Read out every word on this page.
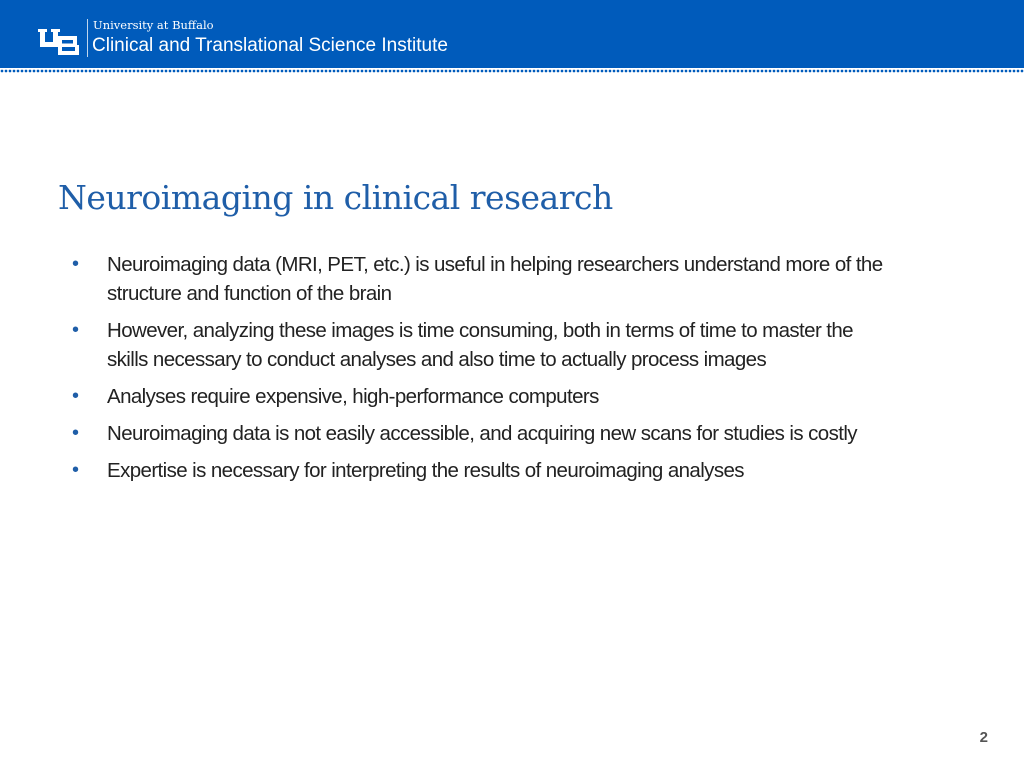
University at Buffalo
Clinical and Translational Science Institute
Neuroimaging in clinical research
•	Neuroimaging data (MRI, PET, etc.) is useful in helping researchers understand more of the structure and function of the brain
•	However, analyzing these images is time consuming, both in terms of time to master the skills necessary to conduct analyses and also time to actually process images
•	Analyses require expensive, high-performance computers
•	Neuroimaging data is not easily accessible, and acquiring new scans for studies is costly
•	Expertise is necessary for interpreting the results of neuroimaging analyses
2
